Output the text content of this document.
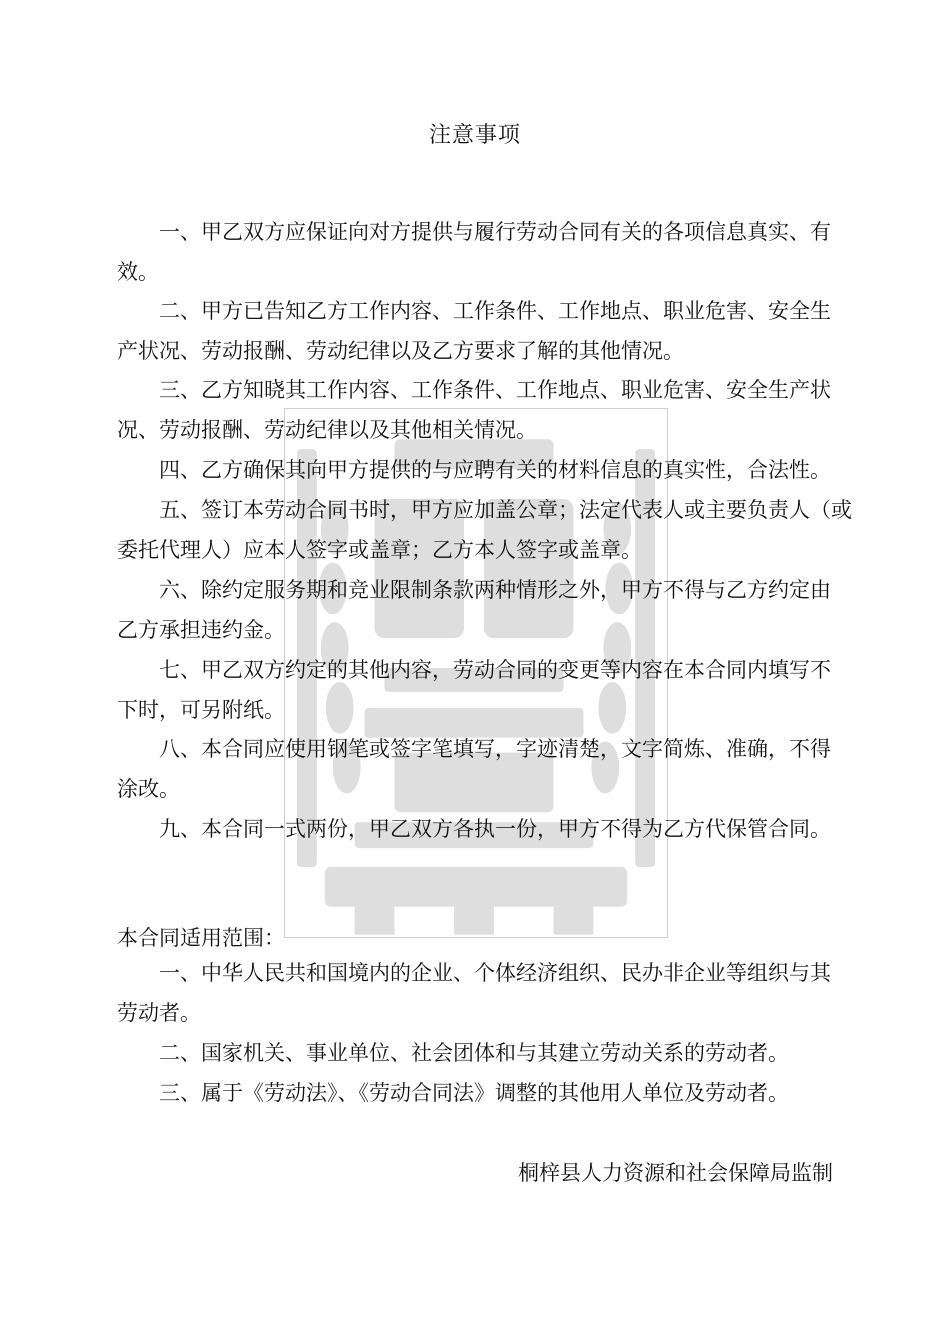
注意事项
一、甲乙双方应保证向对方提供与履行劳动合同有关的各项信息真实、有
效。
二、甲方已告知乙方工作内容、工作条件、工作地点、职业危害、安全生
产状况、劳动报酬、劳动纪律以及乙方要求了解的其他情况。
三、乙方知晓其工作内容、工作条件、工作地点、职业危害、安全生产状
况、劳动报酬、劳动纪律以及其他相关情况。
四、乙方确保其向甲方提供的与应聘有关的材料信息的真实性，合法性。
五、签订本劳动合同书时，甲方应加盖公章；法定代表人或主要负责人（或
委托代理人）应本人签字或盖章；乙方本人签字或盖章。
六、除约定服务期和竞业限制条款两种情形之外，甲方不得与乙方约定由
乙方承担违约金。
七、甲乙双方约定的其他内容，劳动合同的变更等内容在本合同内填写不
下时，可另附纸。
八、本合同应使用钢笔或签字笔填写，字迹清楚，文字简炼、准确，不得
涂改。
九、本合同一式两份，甲乙双方各执一份，甲方不得为乙方代保管合同。
本合同适用范围：
一、中华人民共和国境内的企业、个体经济组织、民办非企业等组织与其
劳动者。
二、国家机关、事业单位、社会团体和与其建立劳动关系的劳动者。
三、属于《劳动法》、《劳动合同法》调整的其他用人单位及劳动者。
桐梓县人力资源和社会保障局监制
